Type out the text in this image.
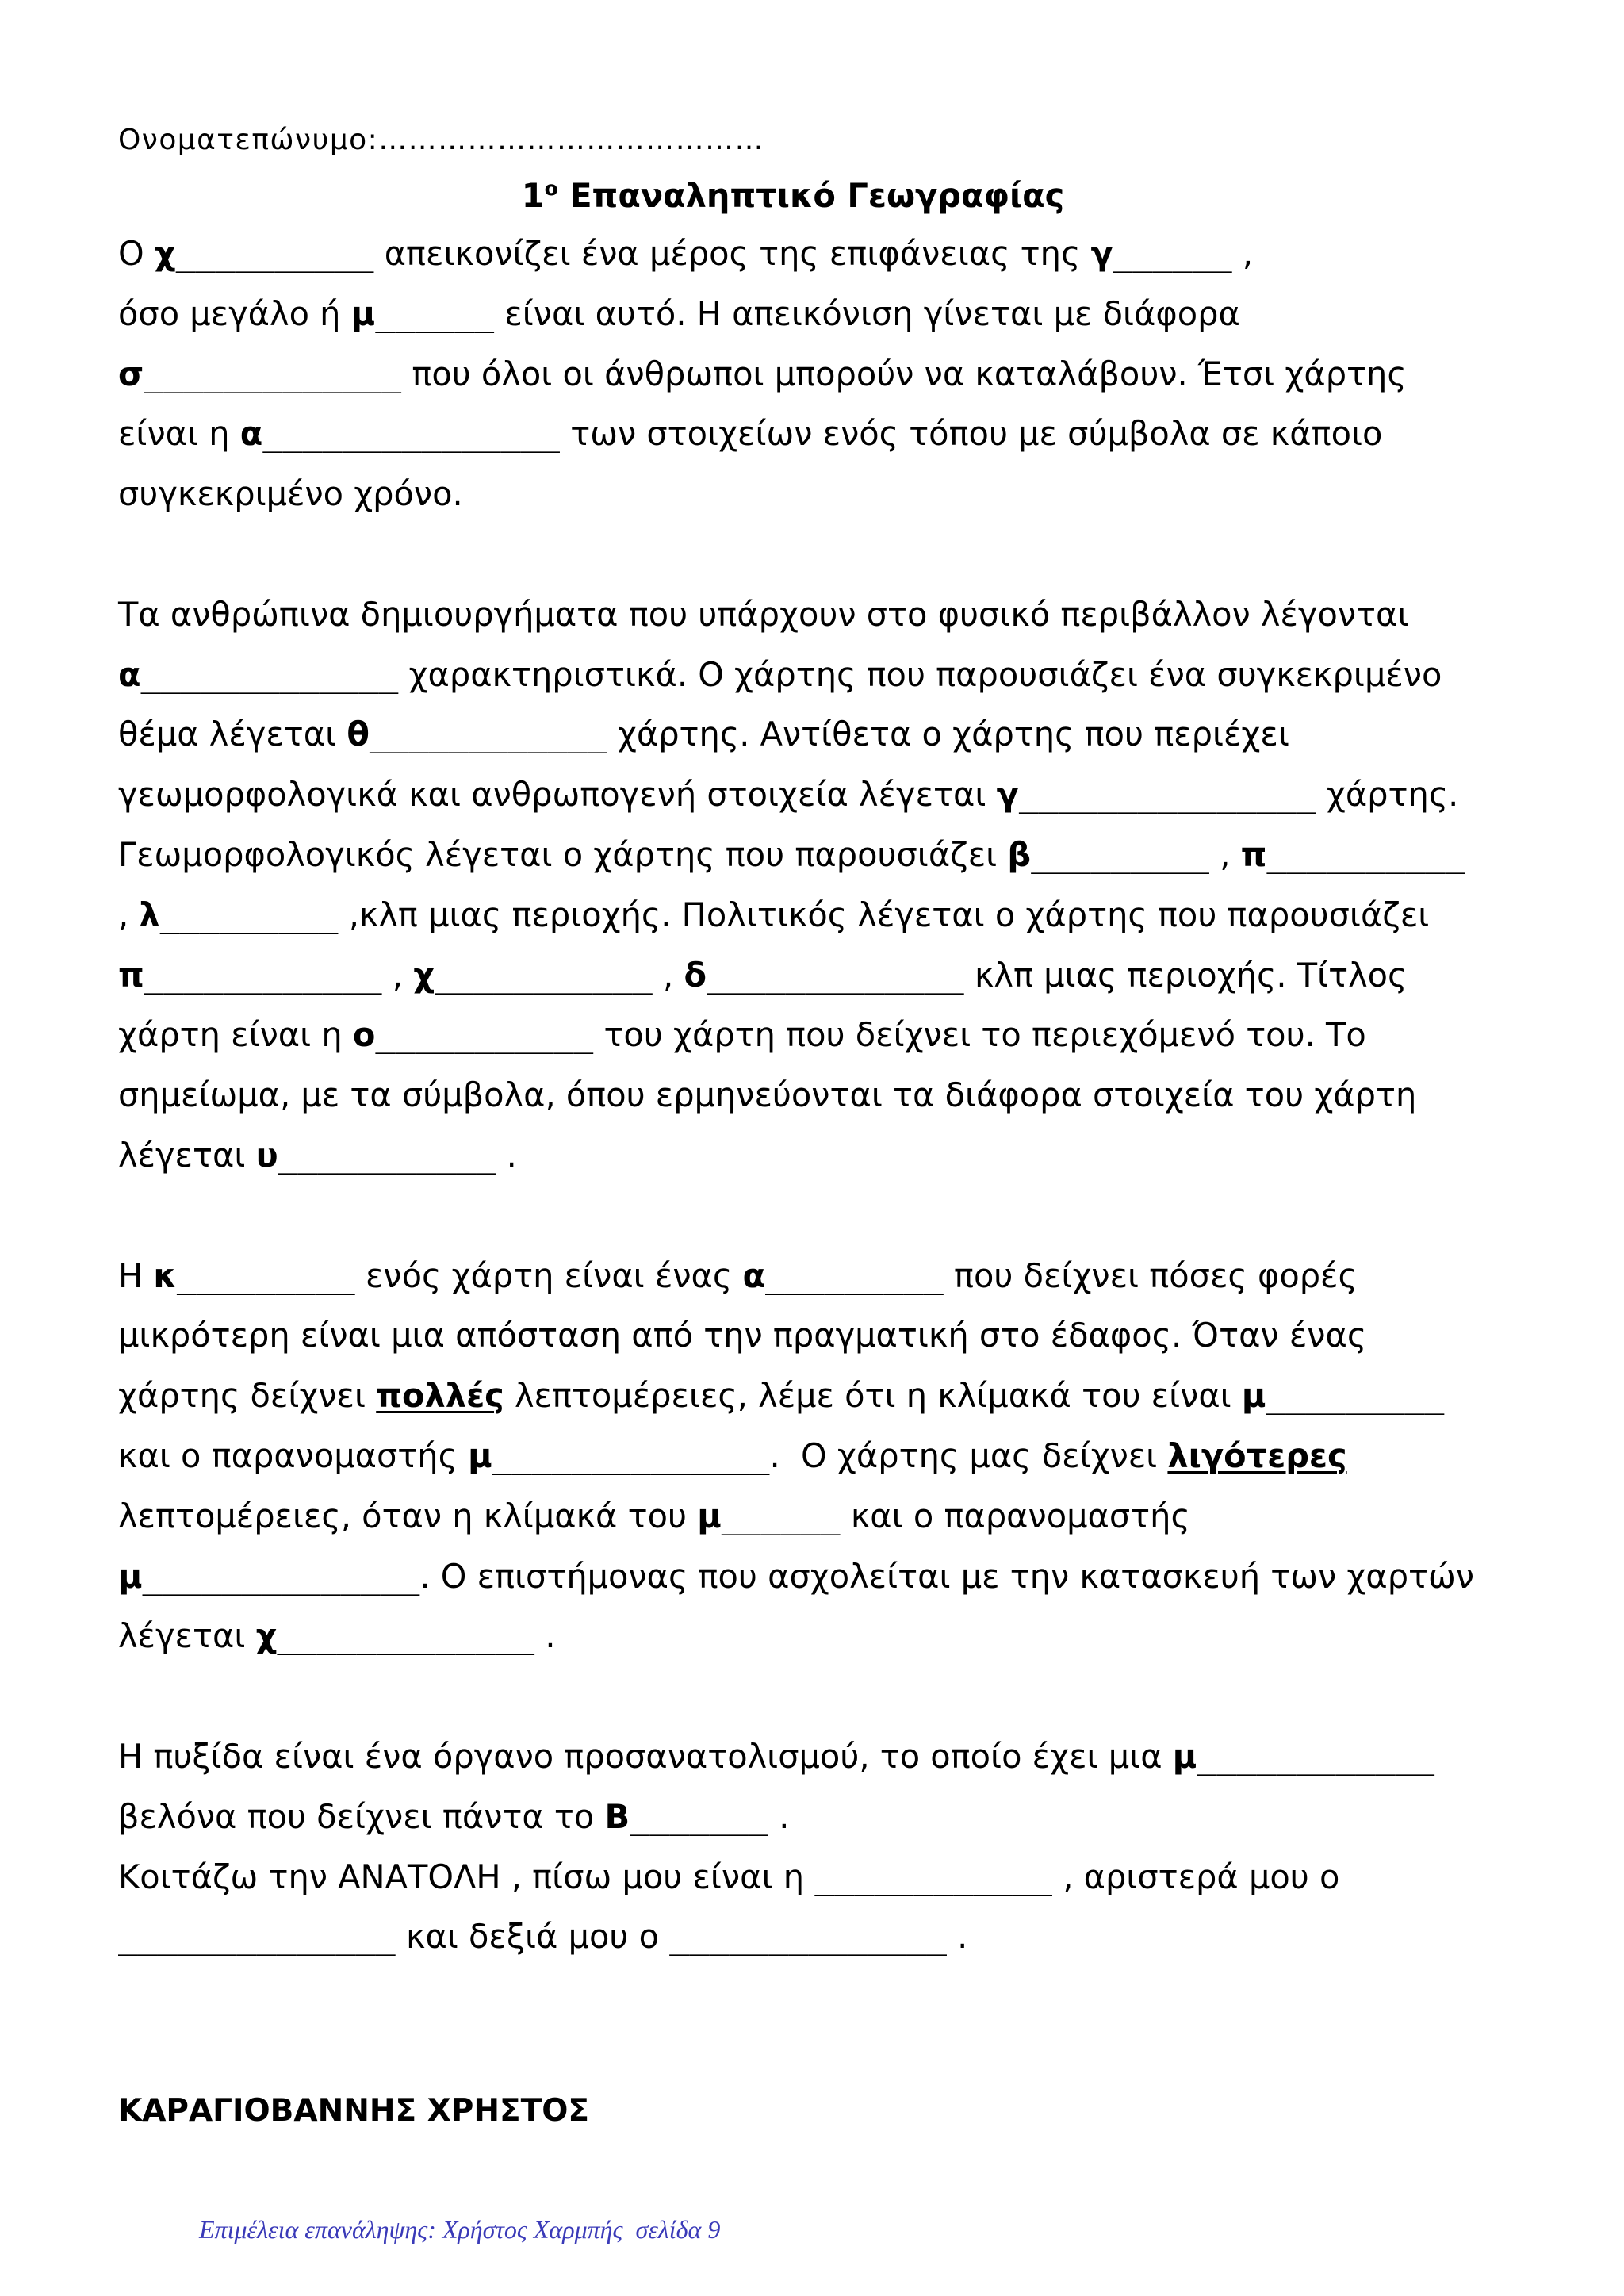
Ονοματεπώνυμο:…………………………………
$1^o$ Επαναληπτικό Γεωγραφίας
Ο χ__________ απεικονίζει ένα μέρος της επιφάνειας της γ______ ,
όσο μεγάλο ή μ______ είναι αυτό. Η απεικόνιση γίνεται με διάφορα
σ_____________ που όλοι οι άνθρωποι μπορούν να καταλάβουν. Έτσι χάρτης
είναι η α_______________ των στοιχείων ενός τόπου με σύμβολα σε κάποιο
συγκεκριμένο χρόνο.
Τα ανθρώπινα δημιουργήματα που υπάρχουν στο φυσικό περιβάλλον λέγονται
α_____________ χαρακτηριστικά. Ο χάρτης που παρουσιάζει ένα συγκεκριμένο
θέμα λέγεται θ____________ χάρτης. Αντίθετα ο χάρτης που περιέχει
γεωμορφολογικά και ανθρωπογενή στοιχεία λέγεται γ_______________ χάρτης.
Γεωμορφολογικός λέγεται ο χάρτης που παρουσιάζει β_________ , π__________
, λ_________ ,κλπ μιας περιοχής. Πολιτικός λέγεται ο χάρτης που παρουσιάζει
π____________ , χ___________ , δ_____________ κλπ μιας περιοχής. Τίτλος
χάρτη είναι η ο___________ του χάρτη που δείχνει το περιεχόμενό του. Το
σημείωμα, με τα σύμβολα, όπου ερμηνεύονται τα διάφορα στοιχεία του χάρτη
λέγεται υ___________ .
Η κ_________ ενός χάρτη είναι ένας α_________ που δείχνει πόσες φορές
μικρότερη είναι μια απόσταση από την πραγματική στο έδαφος. Όταν ένας
χάρτης δείχνει πολλές λεπτομέρειες, λέμε ότι η κλίμακά του είναι μ_________
και ο παρανομαστής μ______________.  Ο χάρτης μας δείχνει λιγότερες
λεπτομέρειες, όταν η κλίμακά του μ______ και ο παρανομαστής
μ______________. Ο επιστήμονας που ασχολείται με την κατασκευή των χαρτών
λέγεται χ_____________ .
Η πυξίδα είναι ένα όργανο προσανατολισμού, το οποίο έχει μια μ____________
βελόνα που δείχνει πάντα το Β_______ .
Κοιτάζω την ΑΝΑΤΟΛΗ , πίσω μου είναι η ____________ , αριστερά μου ο
______________ και δεξιά μου ο ______________ .
ΚΑΡΑΓΙΟΒΑΝΝΗΣ ΧΡΗΣΤΟΣ
Επιμέλεια επανάληψης: Χρήστος Χαρμπής  σελίδα 9
